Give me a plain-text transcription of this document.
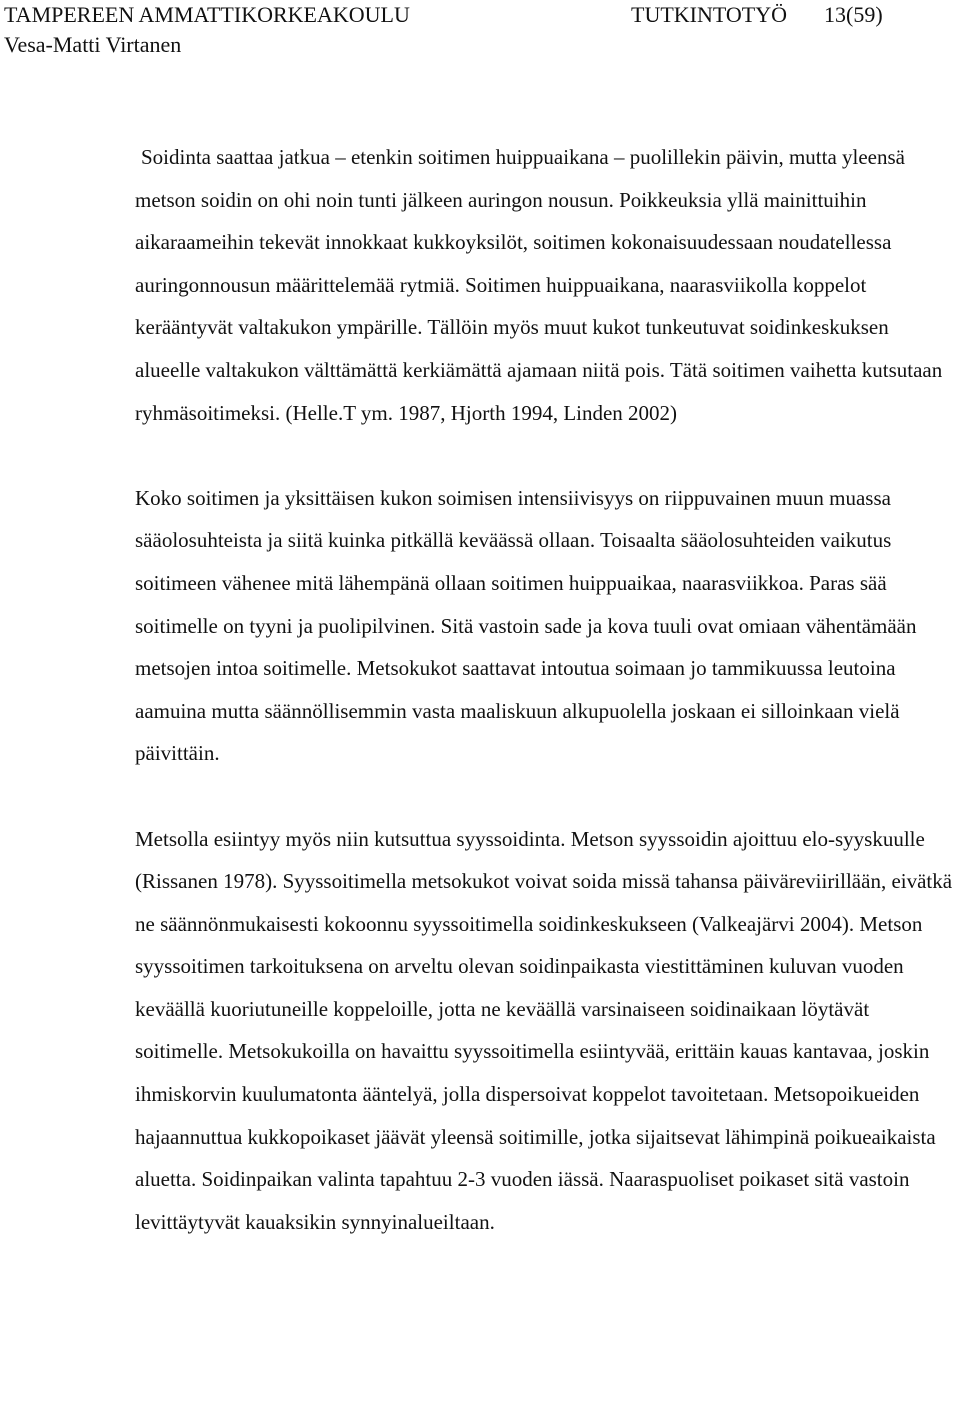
TAMPEREEN AMMATTIKORKEAKOULU	TUTKINTOTYÖ 13(59)
Vesa-Matti Virtanen

Soidinta saattaa jatkua – etenkin soitimen huippuaikana – puolillekin päivin, mutta yleensä metson soidin on ohi noin tunti jälkeen auringon nousun. Poikkeuksia yllä mainittuihin aikaraameihin tekevät innokkaat kukkoyksilöt, soitimen kokonaisuudessaan noudatellessa auringonnousun määrittelemää rytmiä. Soitimen huippuaikana, naarasviikolla koppelot kerääntyvät valtakukon ympärille. Tällöin myös muut kukot tunkeutuvat soidinkeskuksen alueelle valtakukon välttämättä kerkiämättä ajamaan niitä pois. Tätä soitimen vaihetta kutsutaan ryhmäsoitimeksi. (Helle.T ym. 1987, Hjorth 1994, Linden 2002)

Koko soitimen ja yksittäisen kukon soimisen intensiivisyys on riippuvainen muun muassa sääolosuhteista ja siitä kuinka pitkällä keväässä ollaan. Toisaalta sääolosuhteiden vaikutus soitimeen vähenee mitä lähempänä ollaan soitimen huippuaikaa, naarasviikkoa. Paras sää soitimelle on tyyni ja puolipilvinen. Sitä vastoin sade ja kova tuuli ovat omiaan vähentämään metsojen intoa soitimelle. Metsokukot saattavat intoutua soimaan jo tammikuussa leutoina aamuina mutta säännöllisemmin vasta maaliskuun alkupuolella joskaan ei silloinkaan vielä päivittäin.

Metsolla esiintyy myös niin kutsuttua syyssoidinta. Metson syyssoidin ajoittuu elo-syyskuulle (Rissanen 1978). Syyssoitimella metsokukot voivat soida missä tahansa päiväreviirillään, eivätkä ne säännönmukaisesti kokoonnu syyssoitimella soidinkeskukseen (Valkeajärvi 2004). Metson syyssoitimen tarkoituksena on arveltu olevan soidinpaikasta viestittäminen kuluvan vuoden keväällä kuoriutuneille koppeloille, jotta ne keväällä varsinaiseen soidinaikaan löytävät soitimelle. Metsokukoilla on havaittu syyssoitimella esiintyvää, erittäin kauas kantavaa, joskin ihmiskorvin kuulumatonta ääntelyä, jolla dispersoivat koppelot tavoitetaan. Metsopoikueiden hajaannuttua kukkopoikaset jäävät yleensä soitimille, jotka sijaitsevat lähimpinä poikueaikaista aluetta. Soidinpaikan valinta tapahtuu 2-3 vuoden iässä. Naaraspuoliset poikaset sitä vastoin levittäytyvät kauaksikin synnyinalueiltaan.
